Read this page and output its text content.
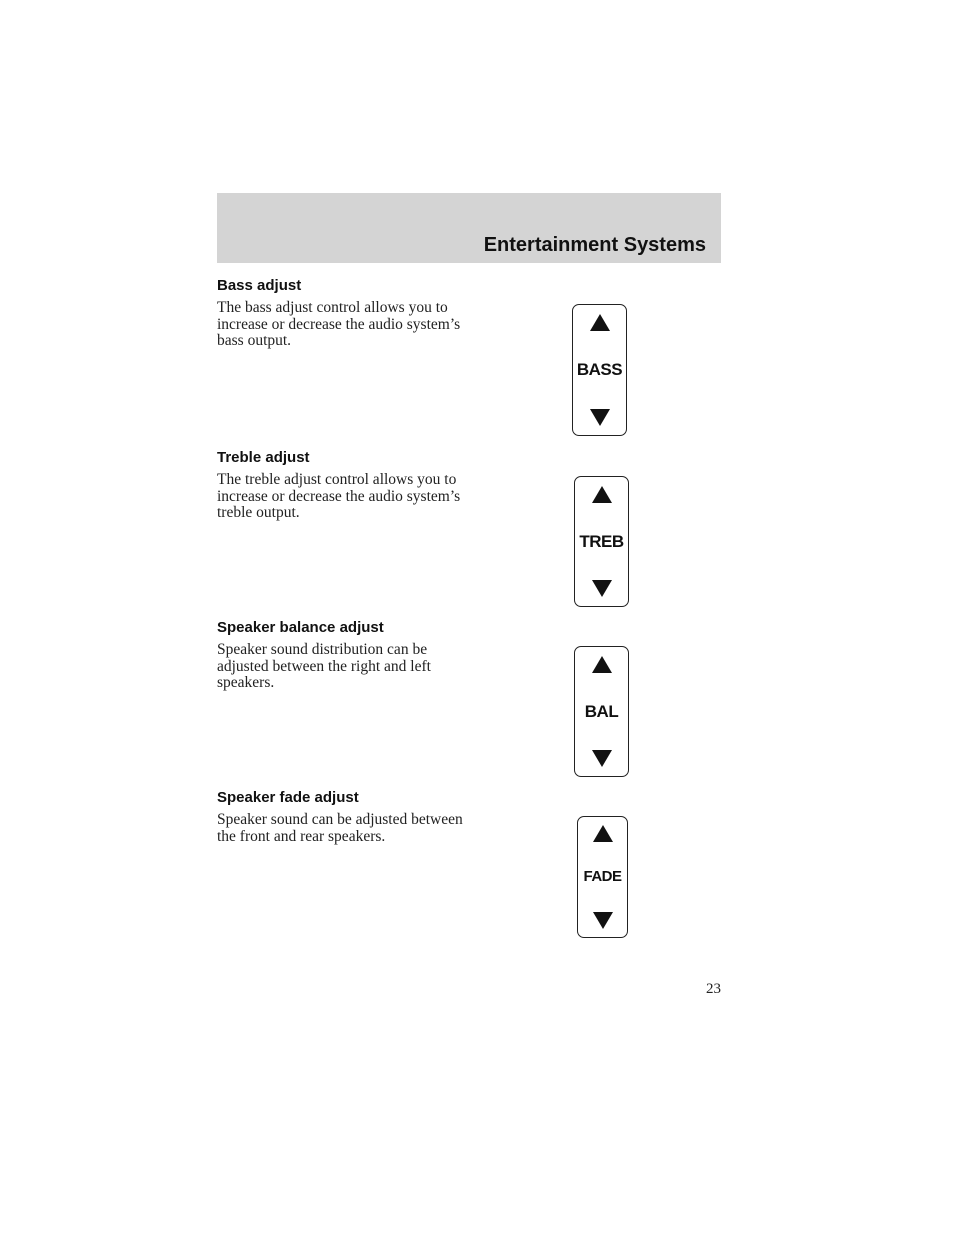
Entertainment Systems
Bass adjust

The bass adjust control allows you to increase or decrease the audio system’s bass output.

BASS
Treble adjust

The treble adjust control allows you to increase or decrease the audio system’s treble output.

TREB
Speaker balance adjust

Speaker sound distribution can be adjusted between the right and left speakers.

BAL
Speaker fade adjust

Speaker sound can be adjusted between the front and rear speakers.

FADE
23
